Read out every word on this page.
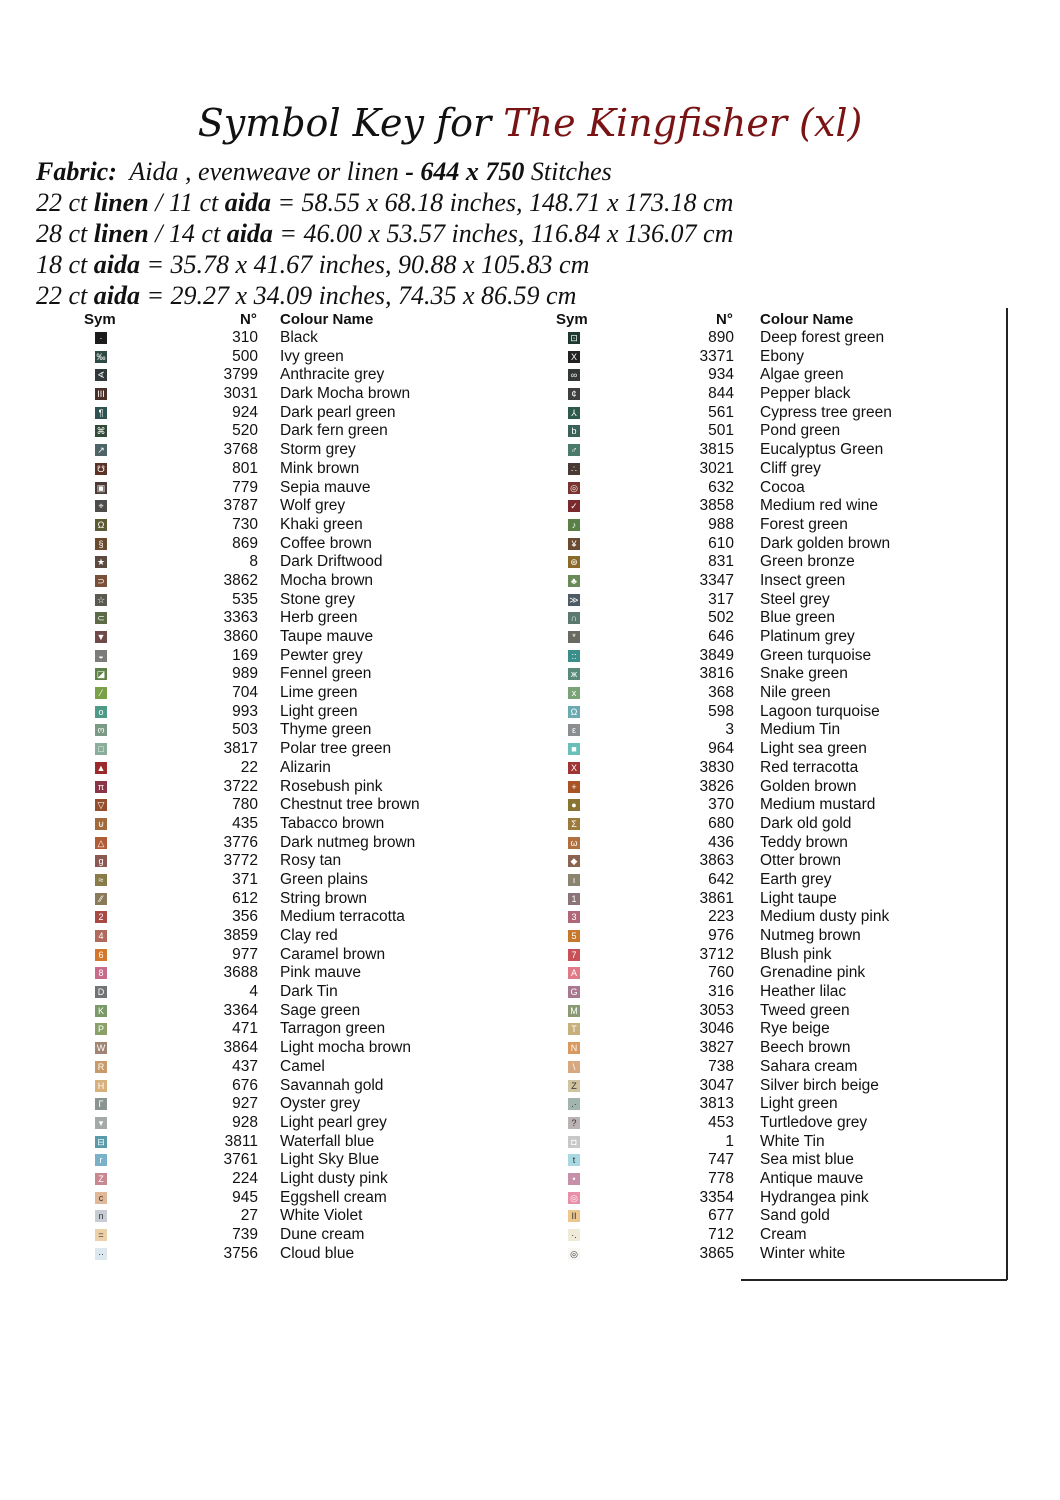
Symbol Key for The Kingfisher (xl)
Fabric: Aida , evenweave or linen - 644 x 750 Stitches
22 ct linen / 11 ct aida = 58.55 x 68.18 inches, 148.71 x 173.18 cm
28 ct linen / 14 ct aida = 46.00 x 53.57 inches, 116.84 x 136.07 cm
18 ct aida = 35.78 x 41.67 inches, 90.88 x 105.83 cm
22 ct aida = 29.27 x 34.09 inches, 74.35 x 86.59 cm
Sym	N° Colour Name
·	310 Black
‰	500 Ivy green
∢	3799 Anthracite grey
III	3031 Dark Mocha brown
¶	924 Dark pearl green
⌘	520 Dark fern green
↗	3768 Storm grey
☋	801 Mink brown
▣	779 Sepia mauve
⌖	3787 Wolf grey
Ω	730 Khaki green
§	869 Coffee brown
★	8 Dark Driftwood
⊃	3862 Mocha brown
☆	535 Stone grey
⊂	3363 Herb green
▼	3860 Taupe mauve
◒	169 Pewter grey
◪	989 Fennel green
⁄	704 Lime green
o	993 Light green
ო	503 Thyme green
□	3817 Polar tree green
▲	22 Alizarin
π	3722 Rosebush pink
▽	780 Chestnut tree brown
⊍	435 Tabacco brown
△	3776 Dark nutmeg brown
g	3772 Rosy tan
≈	371 Green plains
⁄⁄	612 String brown
2	356 Medium terracotta
4	3859 Clay red
6	977 Caramel brown
8	3688 Pink mauve
D	4 Dark Tin
K	3364 Sage green
P	471 Tarragon green
W	3864 Light mocha brown
R	437 Camel
H	676 Savannah gold
Γ	927 Oyster grey
▾	928 Light pearl grey
⊟	3811 Waterfall blue
r	3761 Light Sky Blue
Z	224 Light dusty pink
c	945 Eggshell cream
n	27 White Violet
=	739 Dune cream
··	3756 Cloud blue
Sym	N° Colour Name
⊡	890 Deep forest green
X	3371 Ebony
∞	934 Algae green
¢	844 Pepper black
⅄	561 Cypress tree green
b	501 Pond green
♂	3815 Eucalyptus Green
∴	3021 Cliff grey
◎	632 Cocoa
✓	3858 Medium red wine
♪	988 Forest green
¥	610 Dark golden brown
⊛	831 Green bronze
♣	3347 Insect green
≫	317 Steel grey
∩	502 Blue green
*	646 Platinum grey
::	3849 Green turquoise
ж	3816 Snake green
x	368 Nile green
Ω	598 Lagoon turquoise
ε	3 Medium Tin
■	964 Light sea green
X	3830 Red terracotta
+	3826 Golden brown
●	370 Medium mustard
Σ	680 Dark old gold
ω	436 Teddy brown
◆	3863 Otter brown
ι	642 Earth grey
1	3861 Light taupe
3	223 Medium dusty pink
5	976 Nutmeg brown
7	3712 Blush pink
A	760 Grenadine pink
G	316 Heather lilac
M	3053 Tweed green
T	3046 Rye beige
N	3827 Beech brown
\	738 Sahara cream
Z	3047 Silver birch beige
.·	3813 Light green
?	453 Turtledove grey
◘	1 White Tin
t	747 Sea mist blue
•	778 Antique mauve
◎	3354 Hydrangea pink
II	677 Sand gold
·.	712 Cream
◎	3865 Winter white
